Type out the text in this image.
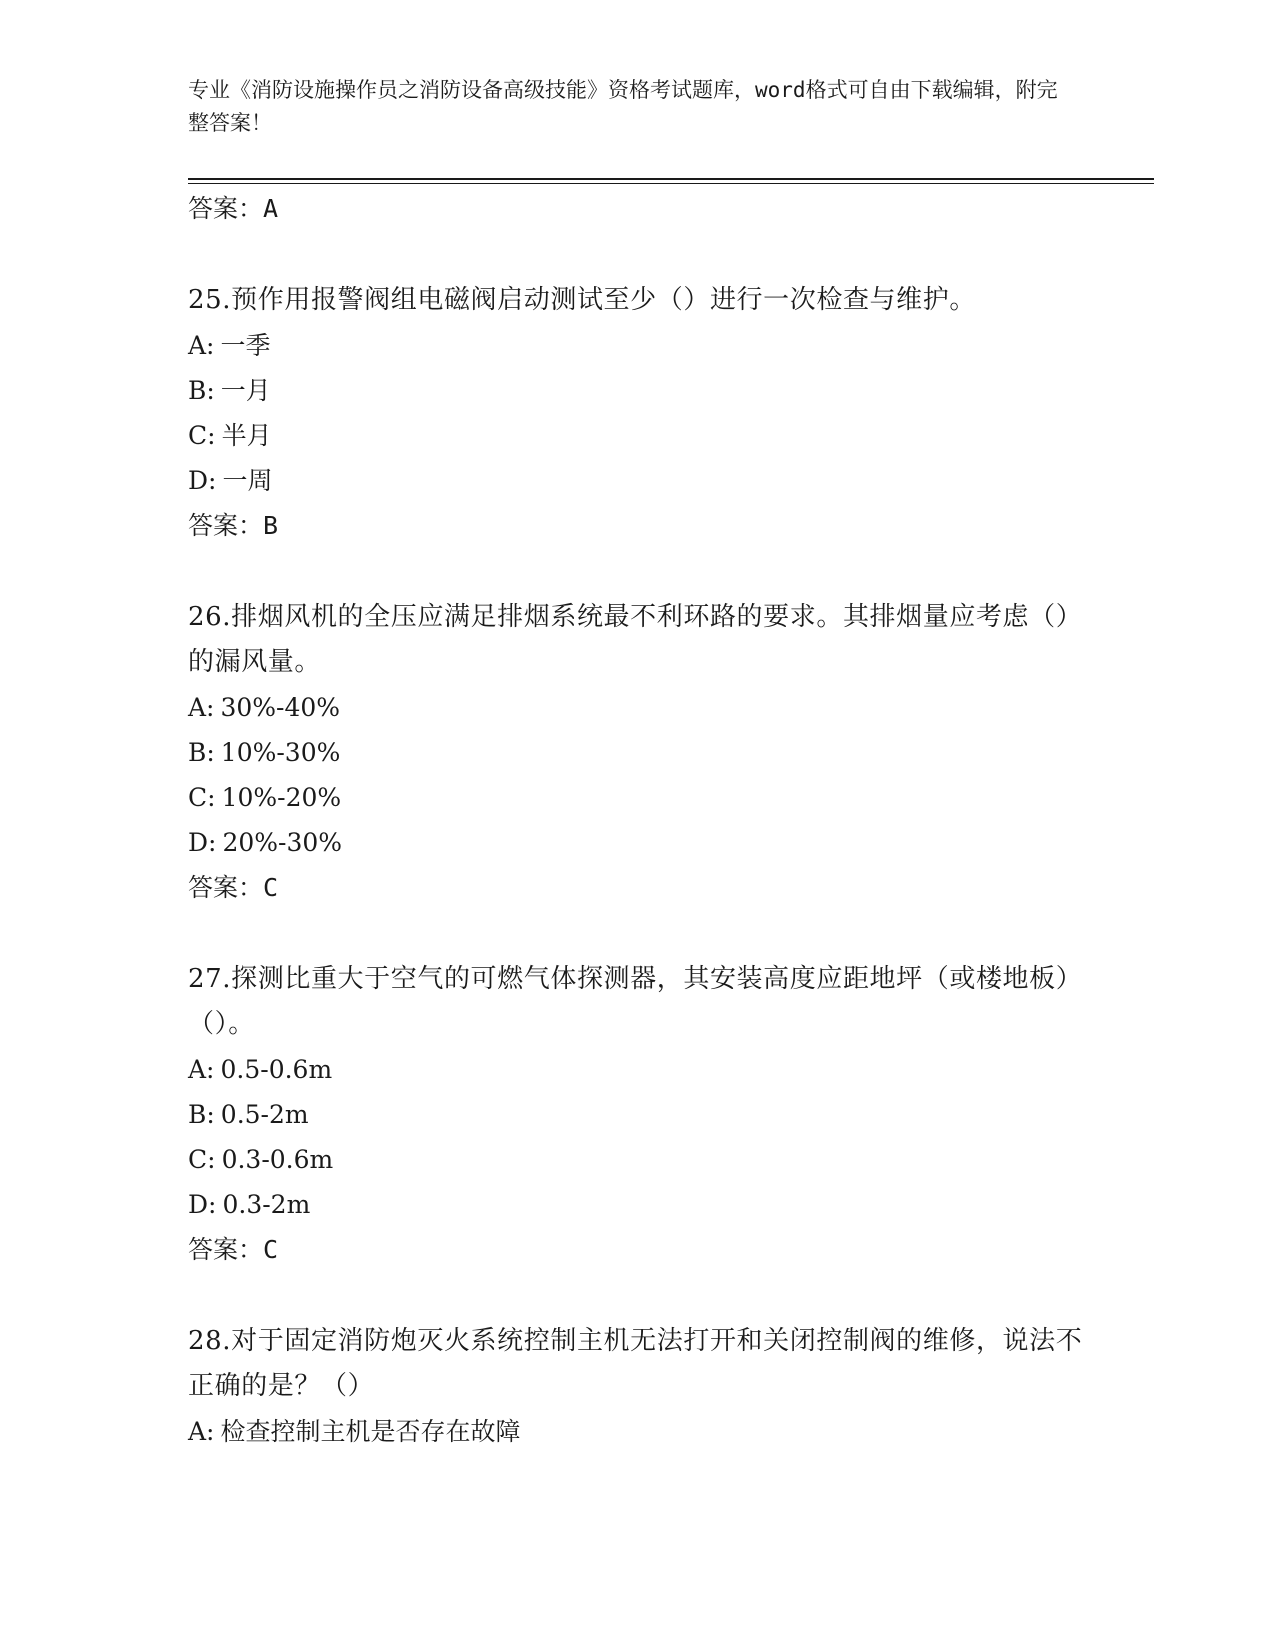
专业《消防设施操作员之消防设备高级技能》资格考试题库，word格式可自由下载编辑，附完整答案！
答案：A
25.预作用报警阀组电磁阀启动测试至少（）进行一次检查与维护。
A: 一季
B: 一月
C: 半月
D: 一周
答案：B
26.排烟风机的全压应满足排烟系统最不利环路的要求。其排烟量应考虑（）的漏风量。
A: 30%-40%
B: 10%-30%
C: 10%-20%
D: 20%-30%
答案：C
27.探测比重大于空气的可燃气体探测器，其安装高度应距地坪（或楼地板）（）。
A: 0.5-0.6m
B: 0.5-2m
C: 0.3-0.6m
D: 0.3-2m
答案：C
28.对于固定消防炮灭火系统控制主机无法打开和关闭控制阀的维修，说法不正确的是？（）
A: 检查控制主机是否存在故障
